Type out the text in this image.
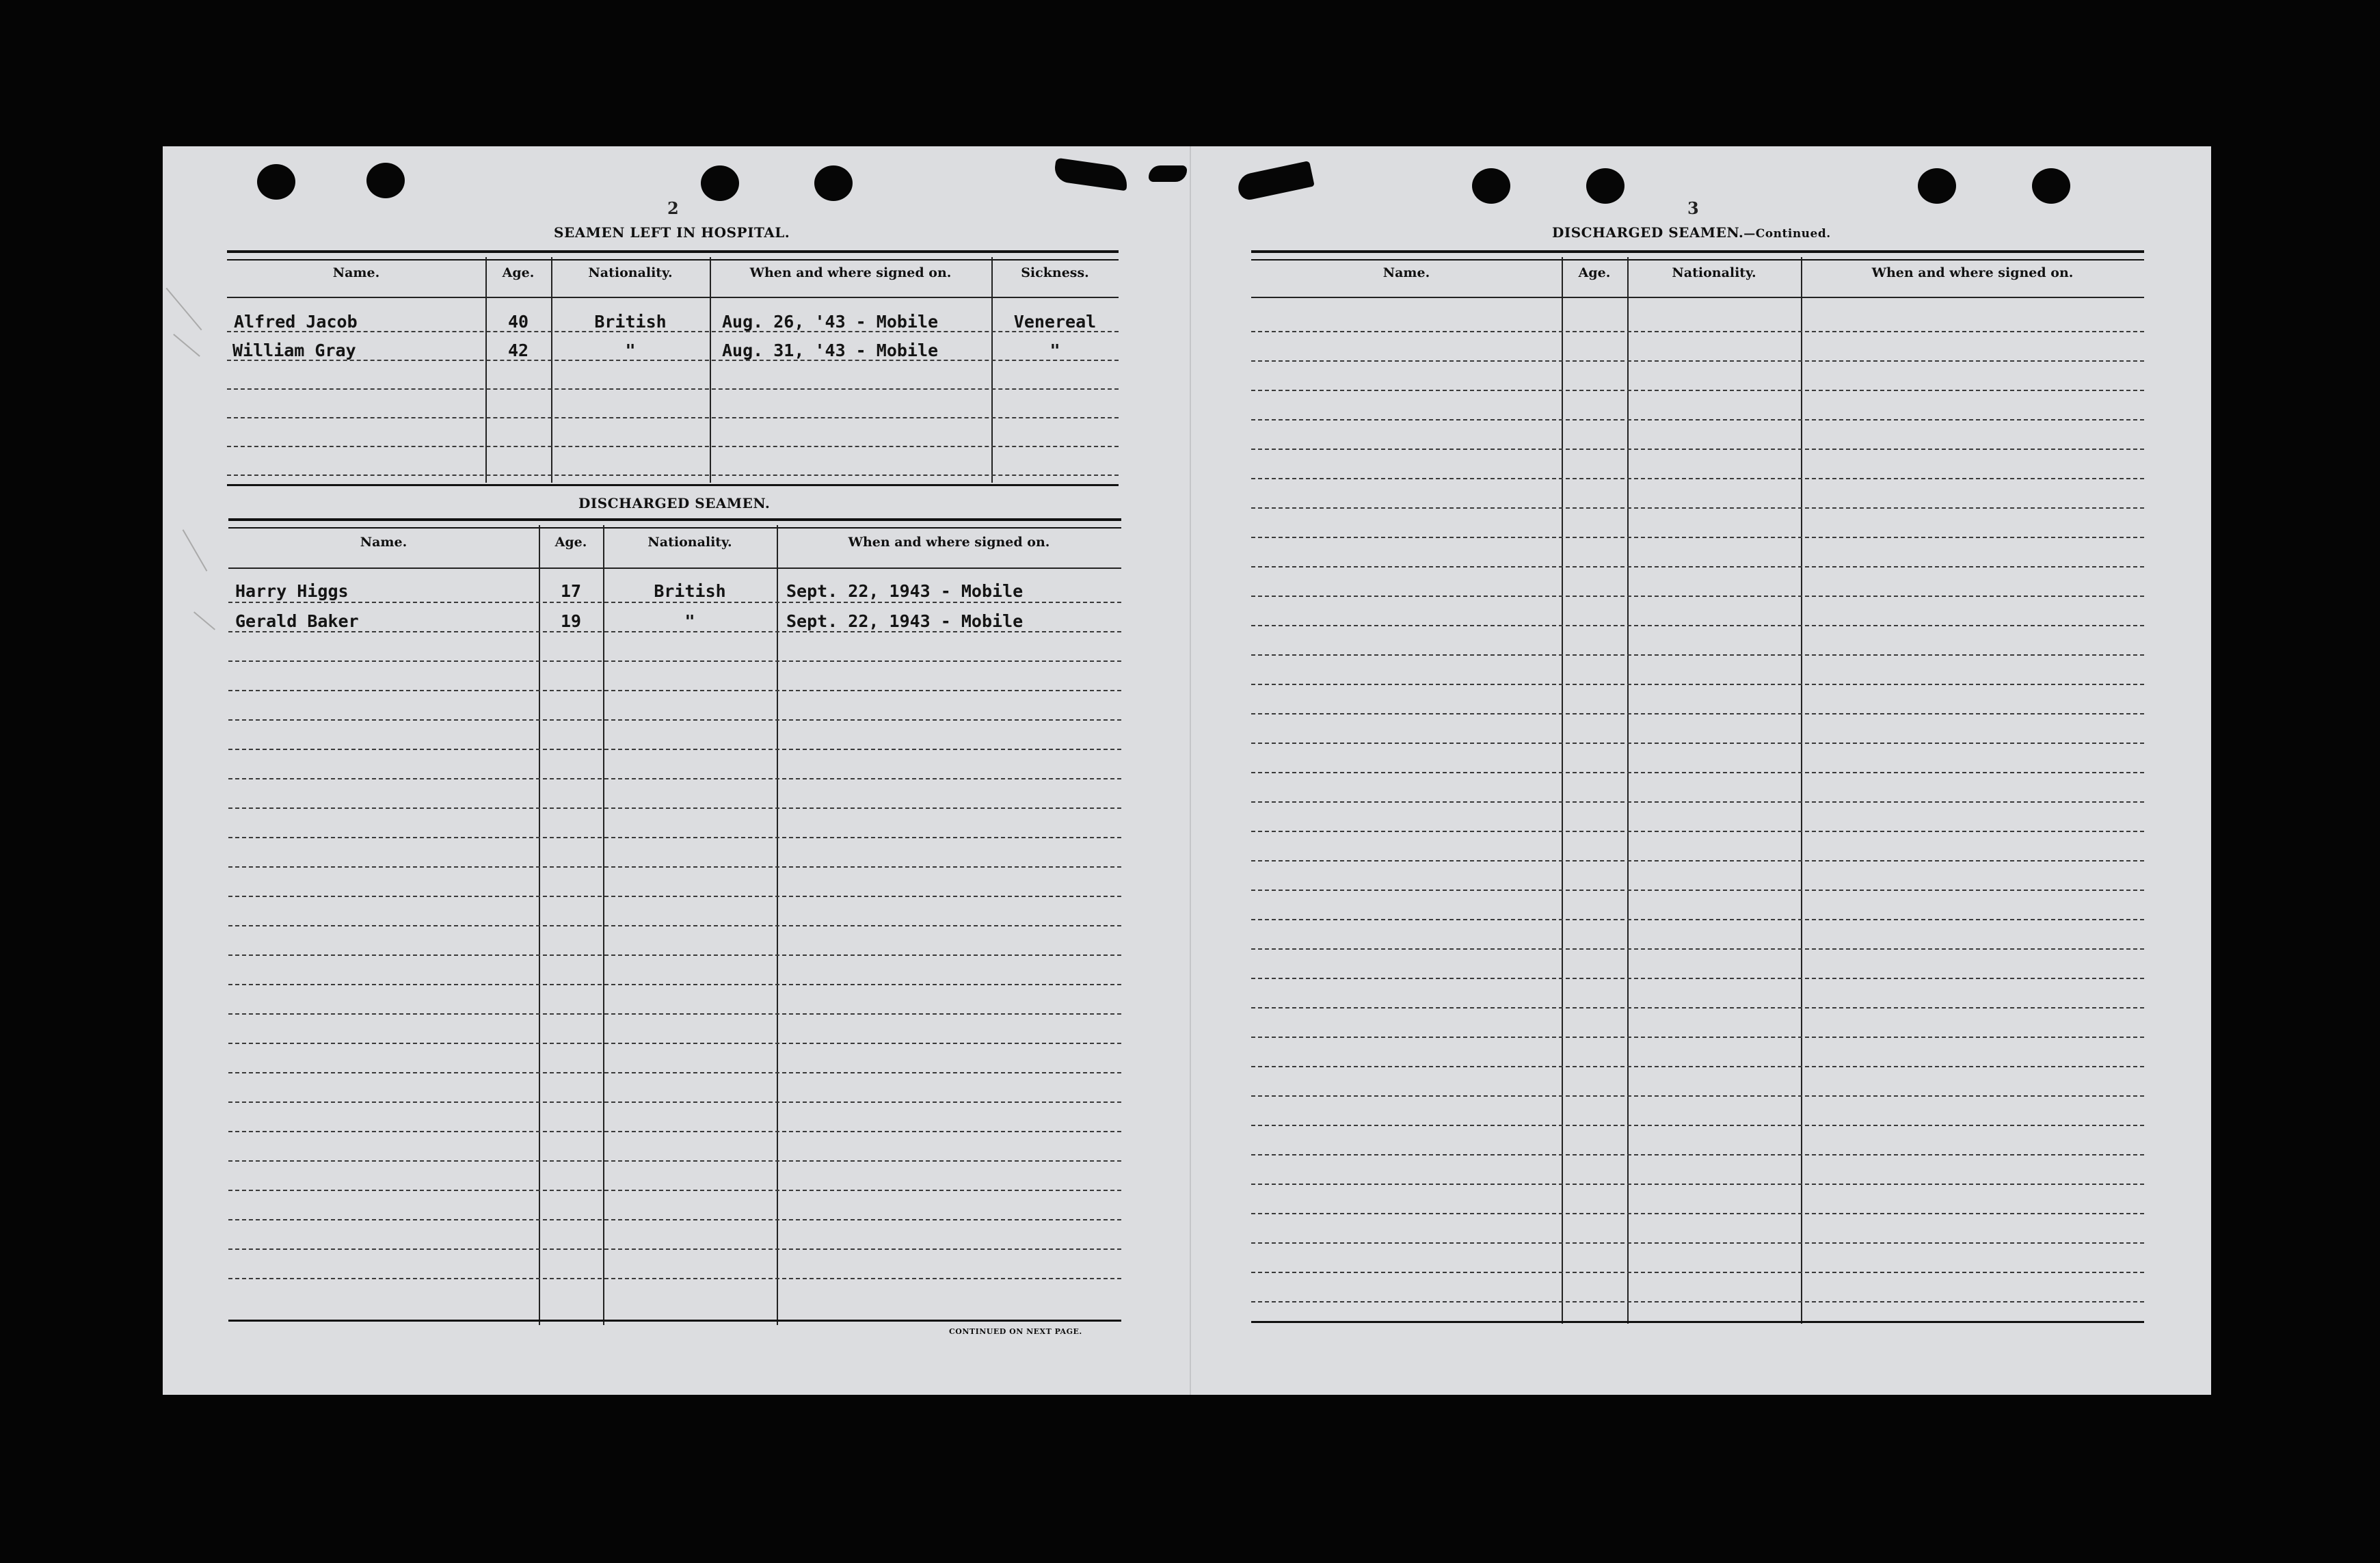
2
SEAMEN LEFT IN HOSPITAL.
Name.	Age.	Nationality.	When and where signed on.	Sickness.
Alfred Jacob	40	British	Aug. 26, '43 - Mobile	Venereal
William Gray	42	"	Aug. 31, '43 - Mobile	"
DISCHARGED SEAMEN.
Name.	Age.	Nationality.	When and where signed on.
Harry Higgs	17	British	Sept. 22, 1943 - Mobile
Gerald Baker	19	"	Sept. 22, 1943 - Mobile
CONTINUED ON NEXT PAGE.
3
DISCHARGED SEAMEN.—Continued.
Name.	Age.	Nationality.	When and where signed on.
